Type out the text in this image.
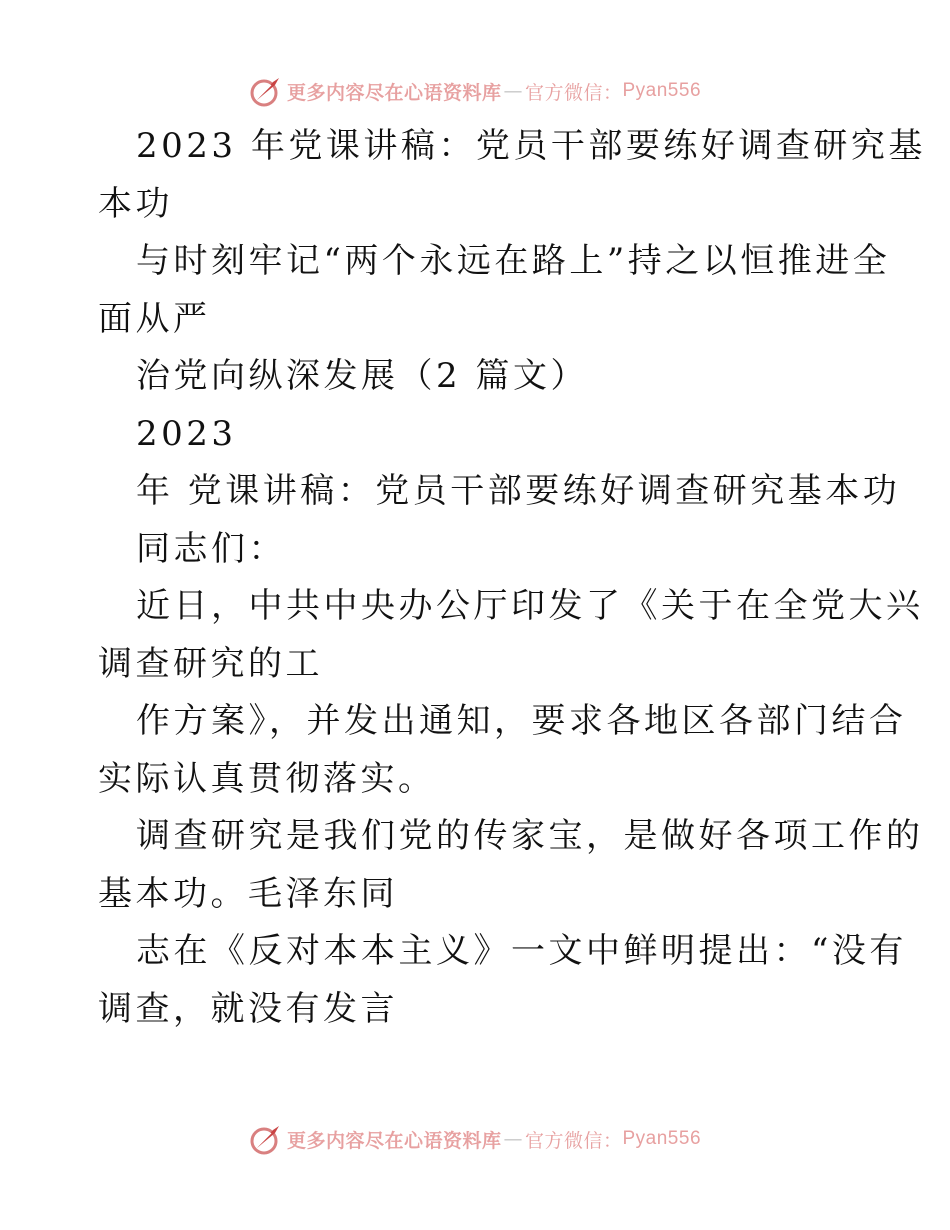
更多内容尽在心语资料库 — 官方微信： Pyan556
2023 年党课讲稿：党员干部要练好调查研究基
本功
与时刻牢记“两个永远在路上”持之以恒推进全
面从严
治党向纵深发展（2 篇文）
2023
年 党课讲稿：党员干部要练好调查研究基本功
同志们：
近日，中共中央办公厅印发了《关于在全党大兴
调查研究的工
作方案》，并发出通知，要求各地区各部门结合
实际认真贯彻落实。
调查研究是我们党的传家宝，是做好各项工作的
基本功。毛泽东同
志在《反对本本主义》一文中鲜明提出：“没有
调查，就没有发言
更多内容尽在心语资料库 — 官方微信： Pyan556
